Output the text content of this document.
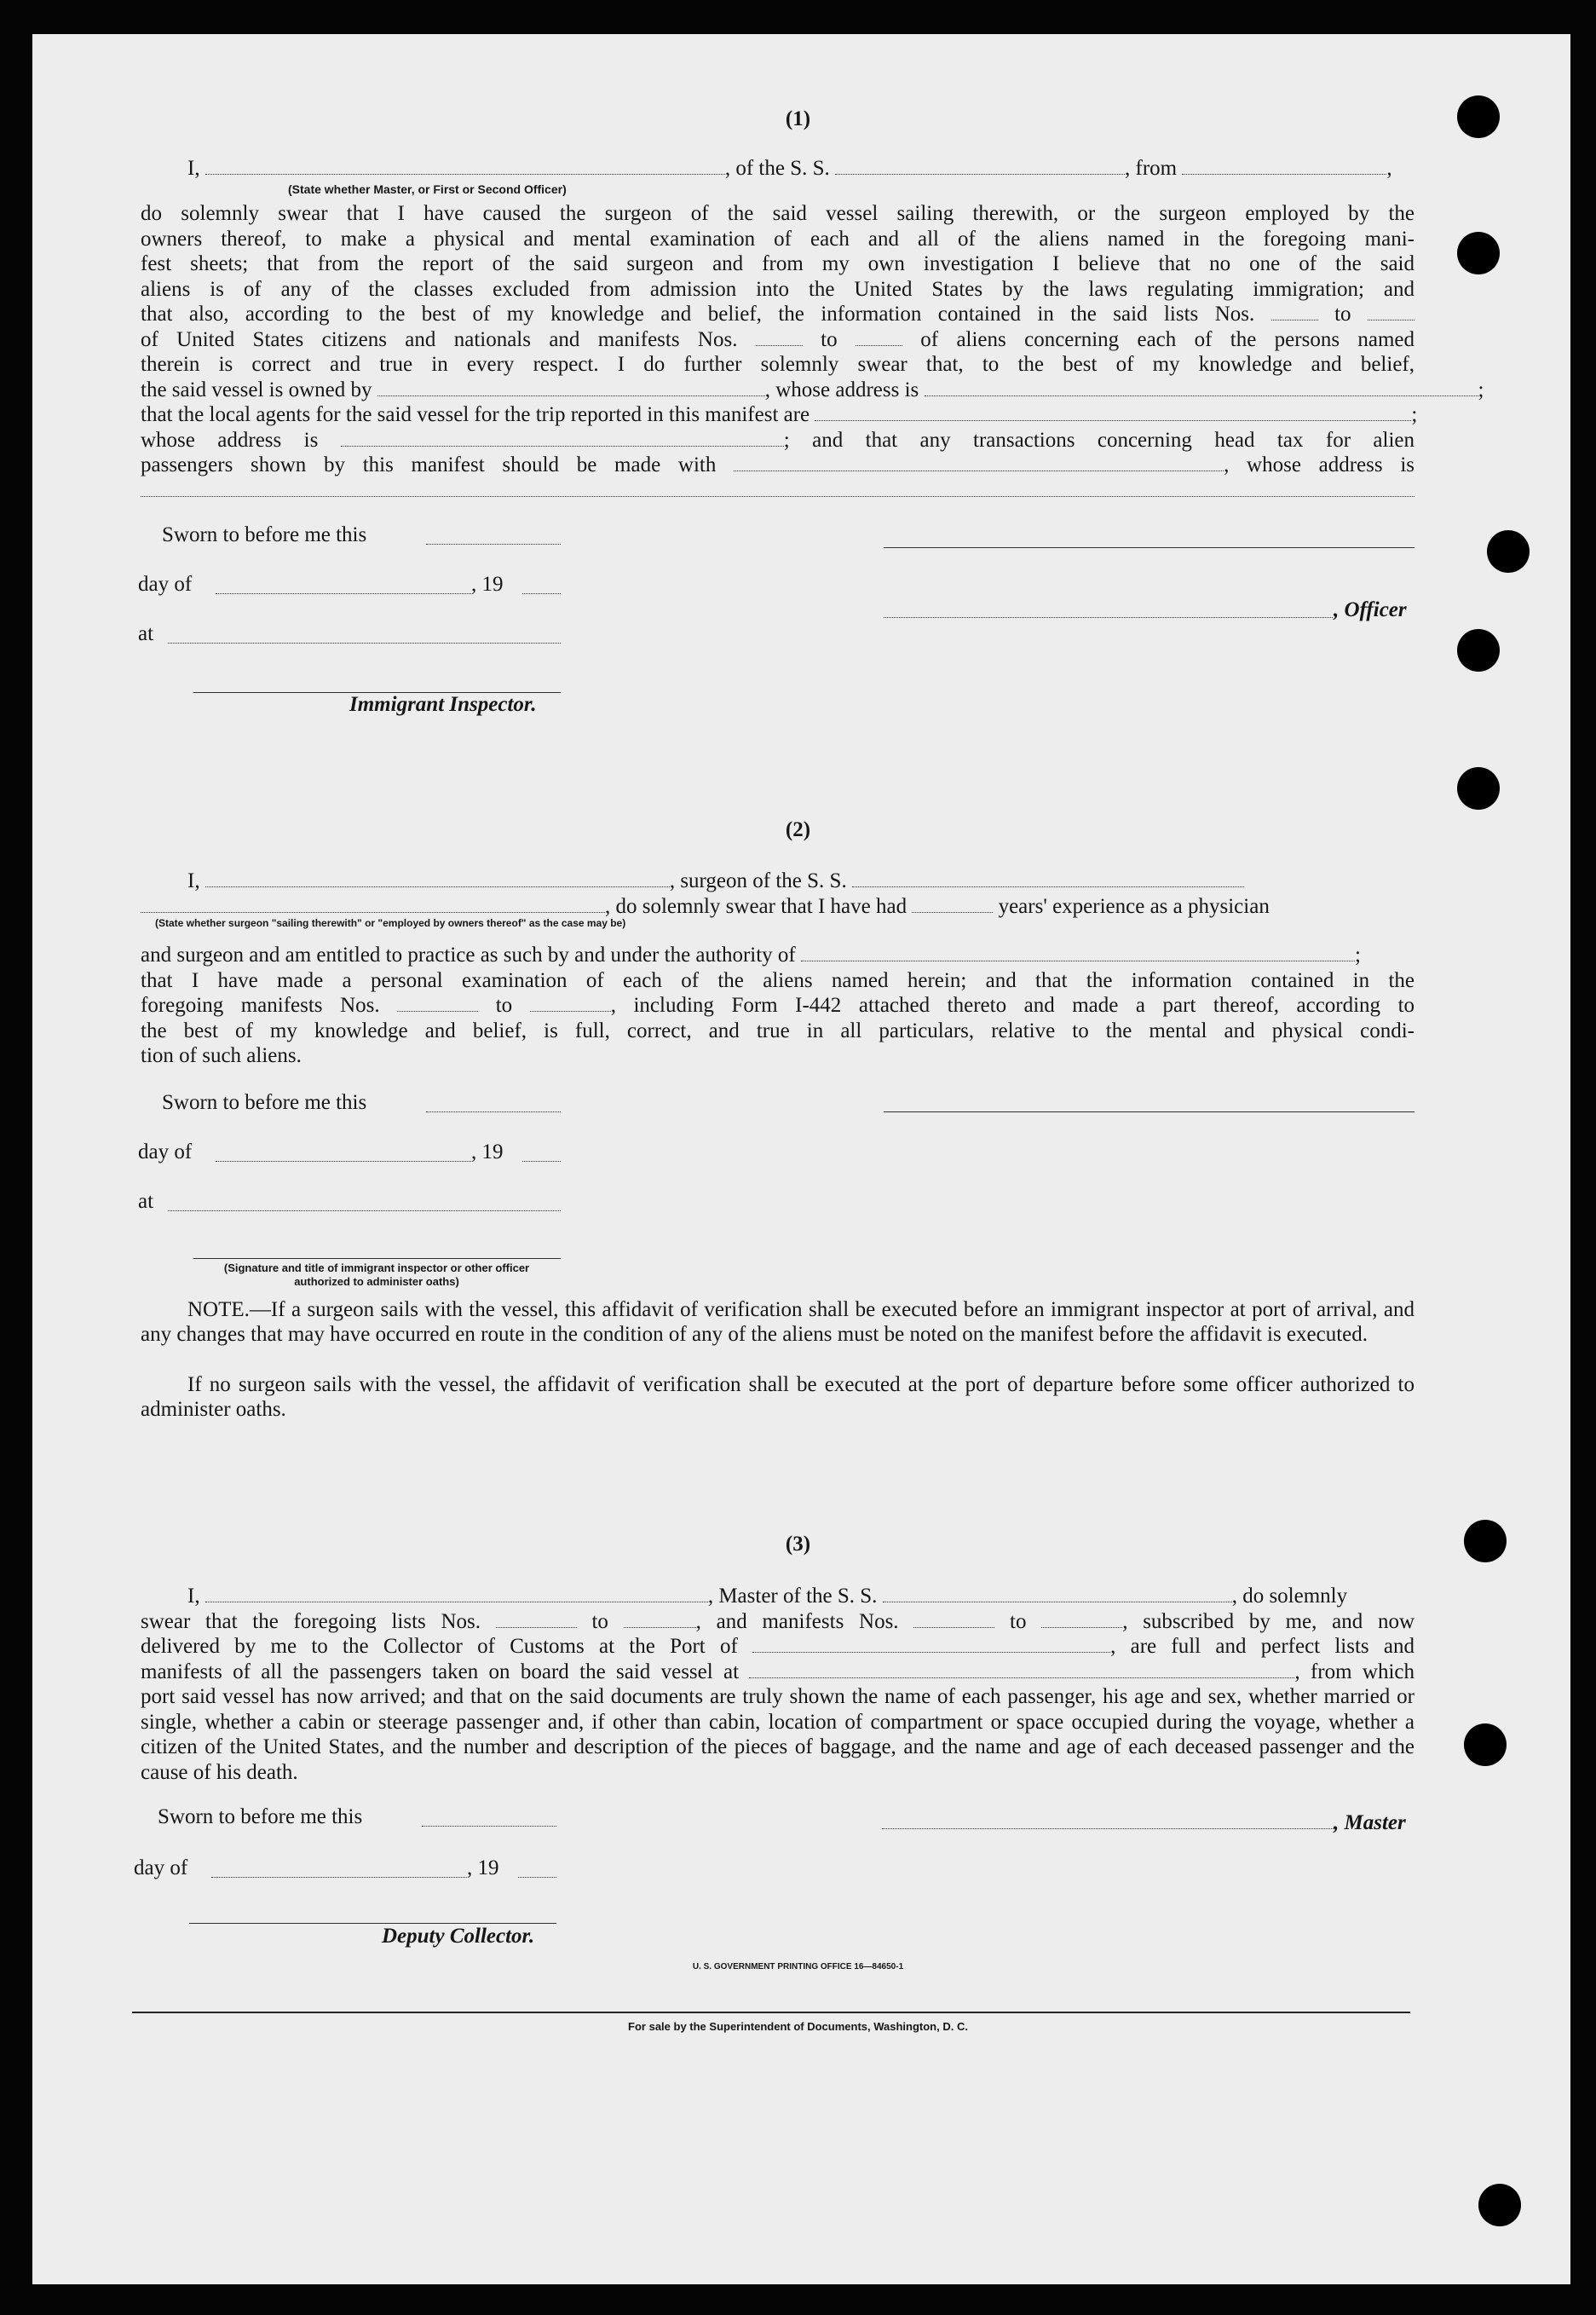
(1)
I,	, of the S. S.	, from	,
(State whether Master, or First or Second Officer)
do solemnly swear that I have caused the surgeon of the said vessel sailing therewith, or the surgeon employed by the
owners thereof, to make a physical and mental examination of each and all of the aliens named in the foregoing mani-
fest sheets; that from the report of the said surgeon and from my own investigation I believe that no one of the said
aliens is of any of the classes excluded from admission into the United States by the laws regulating immigration; and
that also, according to the best of my knowledge and belief, the information contained in the said lists Nos.	to
of United States citizens and nationals and manifests Nos.	to	of aliens concerning each of the persons named
therein is correct and true in every respect. I do further solemnly swear that, to the best of my knowledge and belief,
the said vessel is owned by	, whose address is
that the local agents for the said vessel for the trip reported in this manifest are	;
whose address is	; and that any transactions concerning head tax for alien
passengers shown by this manifest should be made with	, whose address is
Sworn to before me this
day of	, 19
at
Immigrant Inspector.
, Officer
(2)
I,	, surgeon of the S. S.
, do solemnly swear that I have had	years' experience as a physician
(State whether surgeon "sailing therewith" or "employed by owners thereof" as the case may be)
and surgeon and am entitled to practice as such by and under the authority of	;
that I have made a personal examination of each of the aliens named herein; and that the information contained in the
foregoing manifests Nos.	to	, including Form I-442 attached thereto and made a part thereof, according to
the best of my knowledge and belief, is full, correct, and true in all particulars, relative to the mental and physical condi-
tion of such aliens.
Sworn to before me this
day of	, 19
at
(Signature and title of immigrant inspector or other officer authorized to administer oaths)
NOTE.—If a surgeon sails with the vessel, this affidavit of verification shall be executed before an immigrant inspector at port of arrival, and any changes that may have occurred en route in the condition of any of the aliens must be noted on the manifest before the affidavit is executed.
If no surgeon sails with the vessel, the affidavit of verification shall be executed at the port of departure before some officer authorized to administer oaths.
(3)
I,	, Master of the S. S.	, do solemnly
swear that the foregoing lists Nos.	to	, and manifests Nos.	to	, subscribed by me, and now
delivered by me to the Collector of Customs at the Port of	, are full and perfect lists and
manifests of all the passengers taken on board the said vessel at	, from which
port said vessel has now arrived; and that on the said documents are truly shown the name of each passenger, his age and sex, whether married or single, whether a cabin or steerage passenger and, if other than cabin, location of compartment or space occupied during the voyage, whether a citizen of the United States, and the number and description of the pieces of baggage, and the name and age of each deceased passenger and the cause of his death.
Sworn to before me this
day of	, 19
Deputy Collector.
, Master
U. S. GOVERNMENT PRINTING OFFICE 16—84650-1
For sale by the Superintendent of Documents, Washington, D. C.
